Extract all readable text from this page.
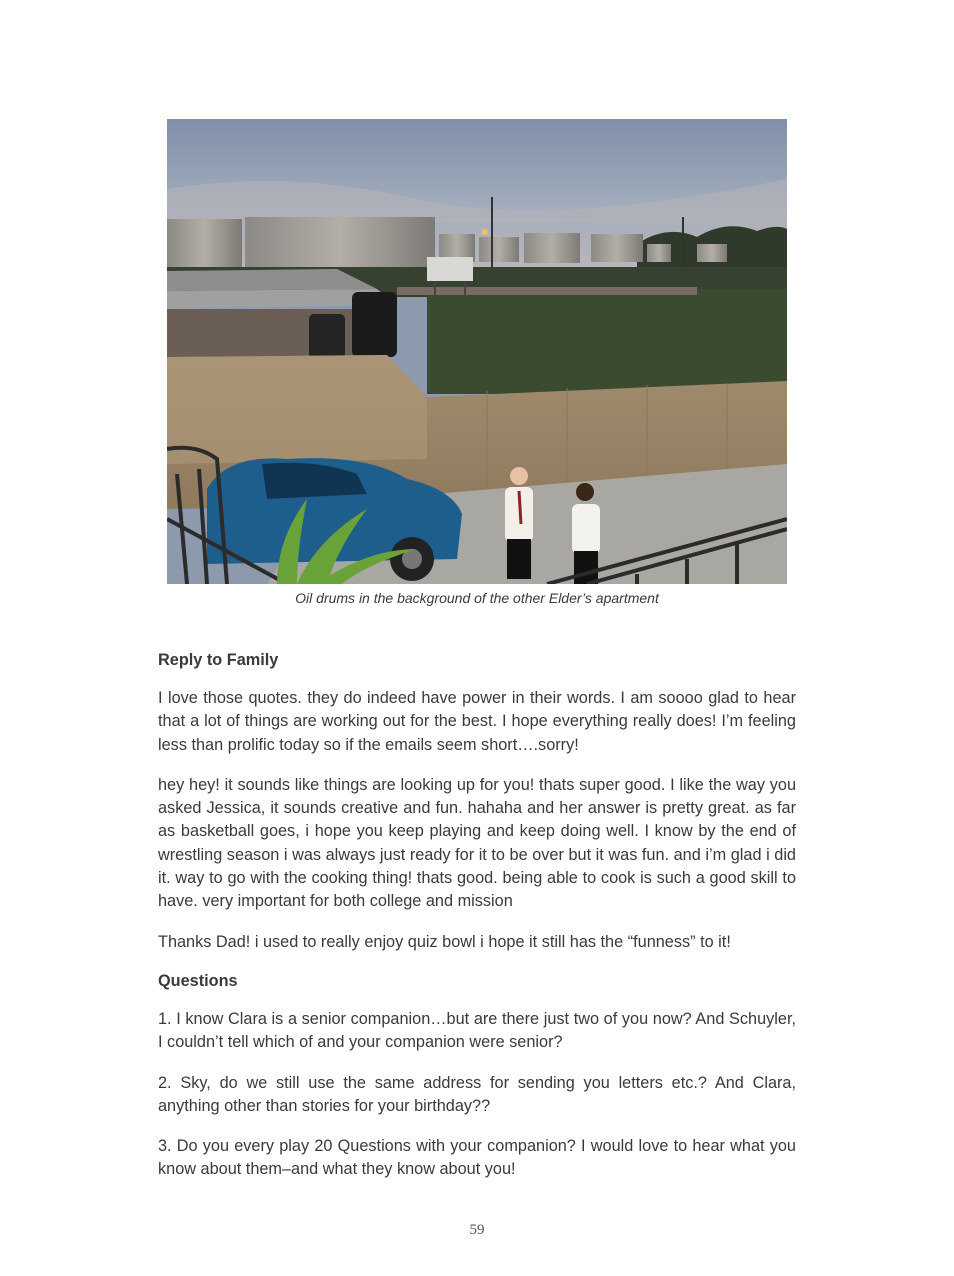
Oil drums in the background of the other Elder’s apartment
Reply to Family

I love those quotes. they do indeed have power in their words. I am soooo glad to hear that a lot of things are working out for the best. I hope everything really does! I’m feeling less than prolific today so if the emails seem short….sorry!

hey hey! it sounds like things are looking up for you! thats super good. I like the way you asked Jessica, it sounds creative and fun. hahaha and her answer is pretty great. as far as basketball goes, i hope you keep playing and keep doing well. I know by the end of wrestling season i was always just ready for it to be over but it was fun. and i’m glad i did it. way to go with the cooking thing! thats good. being able to cook is such a good skill to have. very important for both college and mission

Thanks Dad! i used to really enjoy quiz bowl i hope it still has the “funness” to it!

Questions

1. I know Clara is a senior companion…but are there just two of you now? And Schuyler, I couldn’t tell which of and your companion were senior?

2. Sky, do we still use the same address for sending you letters etc.? And Clara, anything other than stories for your birthday??

3. Do you every play 20 Questions with your companion? I would love to hear what you know about them–and what they know about you!

59
